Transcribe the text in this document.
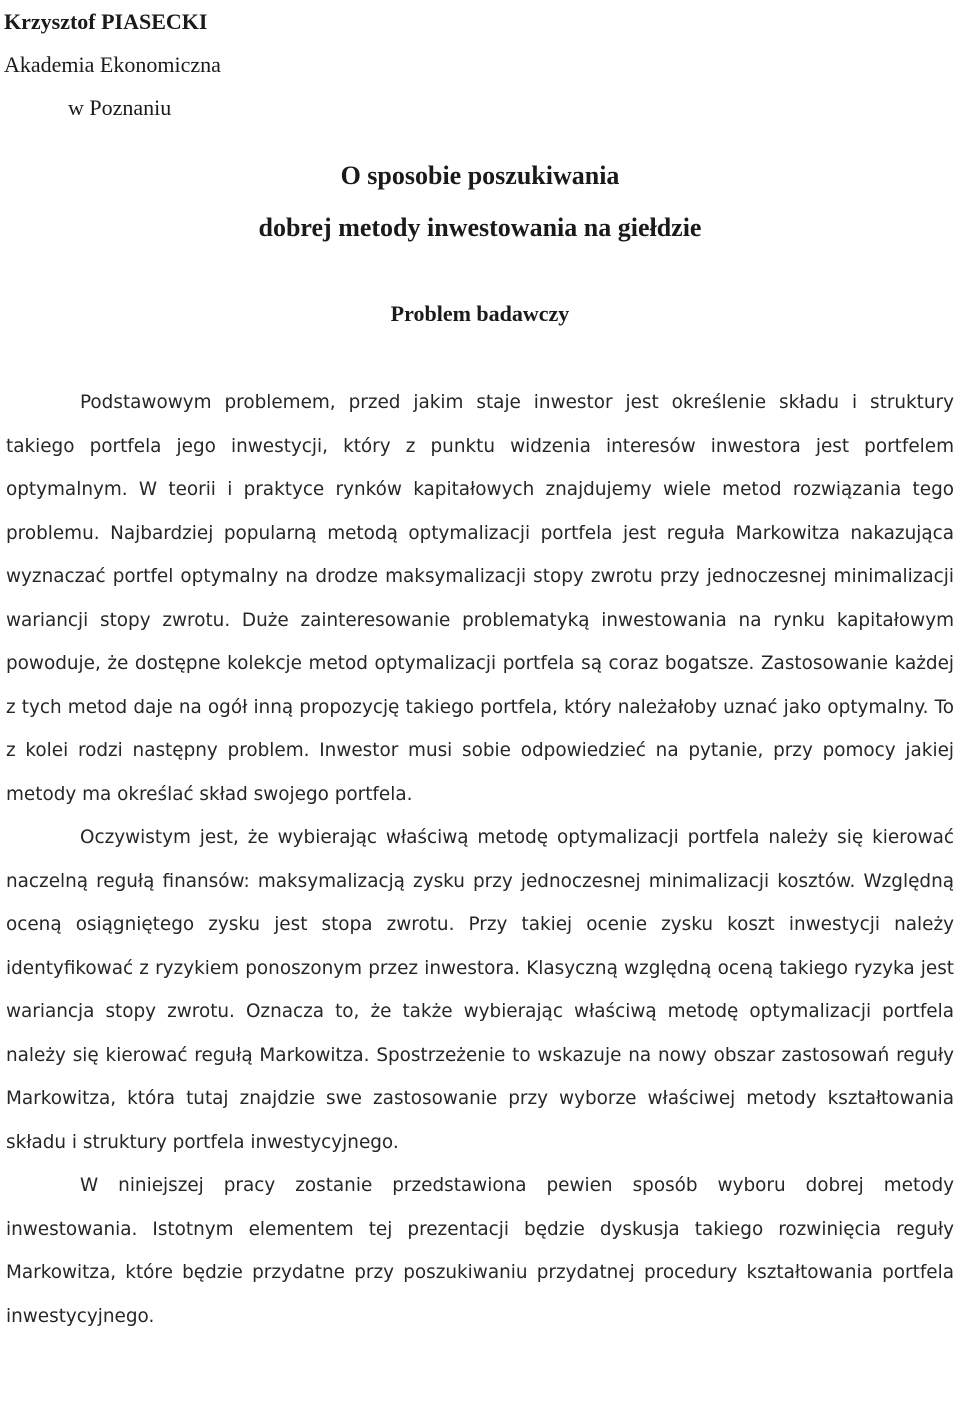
Krzysztof PIASECKI
Akademia Ekonomiczna
w Poznaniu
O sposobie poszukiwania
dobrej metody inwestowania na giełdzie
Problem badawczy

Podstawowym problemem, przed jakim staje inwestor jest określenie składu i struktury takiego portfela jego inwestycji, który z punktu widzenia interesów inwestora jest portfelem optymalnym. W teorii i praktyce rynków kapitałowych znajdujemy wiele metod rozwiązania tego problemu. Najbardziej popularną metodą optymalizacji portfela jest reguła Markowitza nakazująca wyznaczać portfel optymalny na drodze maksymalizacji stopy zwrotu przy jednoczesnej minimalizacji wariancji stopy zwrotu. Duże zainteresowanie problematyką inwestowania na rynku kapitałowym powoduje, że dostępne kolekcje metod optymalizacji portfela są coraz bogatsze. Zastosowanie każdej z tych metod daje na ogół inną propozycję takiego portfela, który należałoby uznać jako optymalny. To z kolei rodzi następny problem. Inwestor musi sobie odpowiedzieć na pytanie, przy pomocy jakiej metody ma określać skład swojego portfela.

Oczywistym jest, że wybierając właściwą metodę optymalizacji portfela należy się kierować naczelną regułą finansów: maksymalizacją zysku przy jednoczesnej minimalizacji kosztów. Względną oceną osiągniętego zysku jest stopa zwrotu. Przy takiej ocenie zysku koszt inwestycji należy identyfikować z ryzykiem ponoszonym przez inwestora. Klasyczną względną oceną takiego ryzyka jest wariancja stopy zwrotu. Oznacza to, że także wybierając właściwą metodę optymalizacji portfela należy się kierować regułą Markowitza. Spostrzeżenie to wskazuje na nowy obszar zastosowań reguły Markowitza, która tutaj znajdzie swe zastosowanie przy wyborze właściwej metody kształtowania składu i struktury portfela inwestycyjnego.

W niniejszej pracy zostanie przedstawiona pewien sposób wyboru dobrej metody inwestowania. Istotnym elementem tej prezentacji będzie dyskusja takiego rozwinięcia reguły Markowitza, które będzie przydatne przy poszukiwaniu przydatnej procedury kształtowania portfela inwestycyjnego.
